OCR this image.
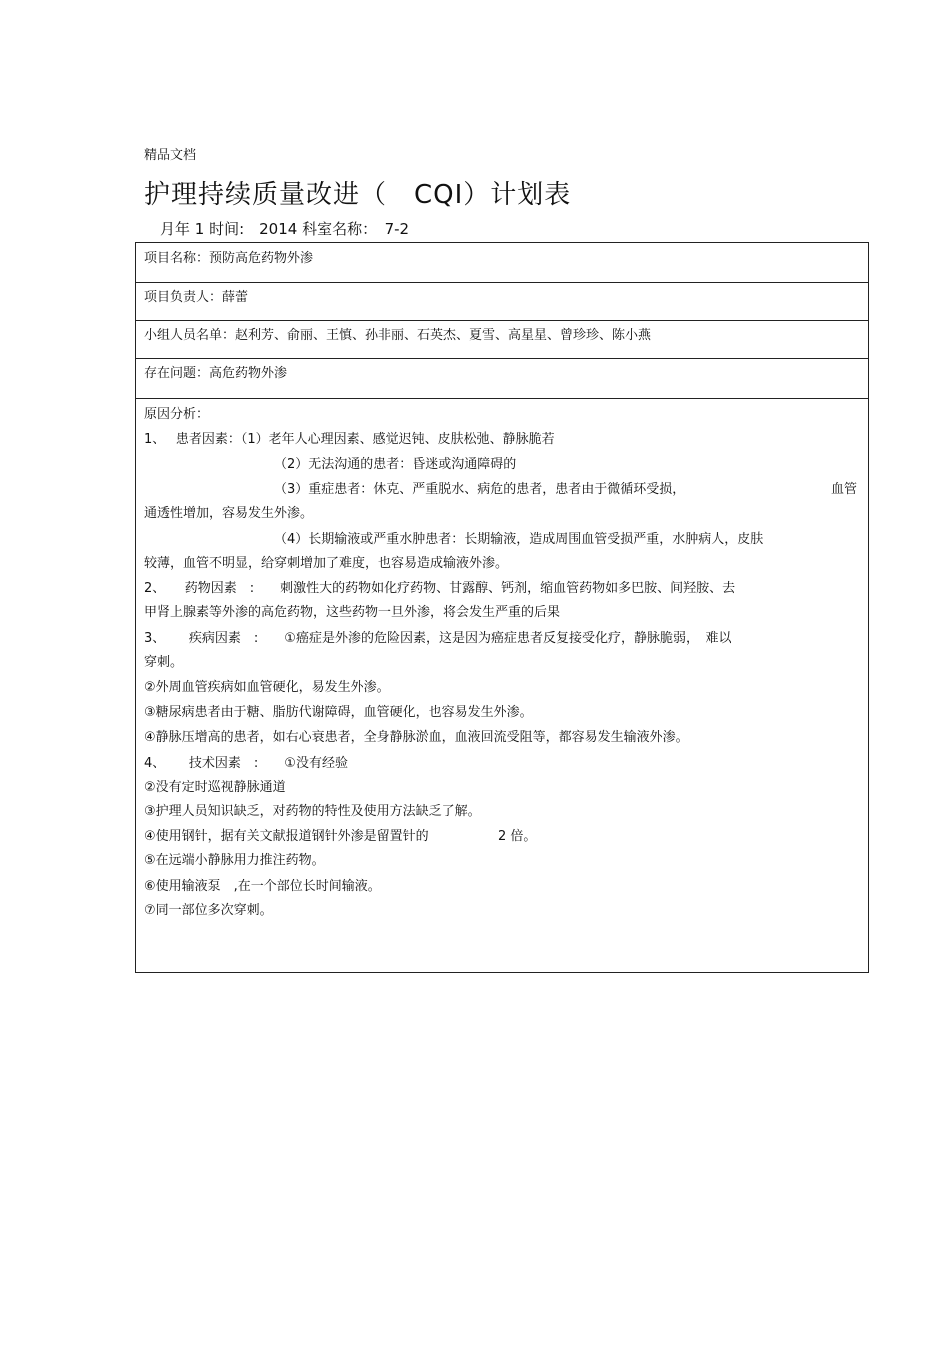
精品文档
护理持续质量改进（　CQI）计划表
月年 1 时间:　2014 科室名称：　7-2
项目名称：预防高危药物外渗
项目负责人：薛蕾
小组人员名单：赵利芳、俞丽、王慎、孙非丽、石英杰、夏雪、高星星、曾珍珍、陈小燕
存在问题：高危药物外渗
原因分析：
1、　 患者因素：（1）老年人心理因素、感觉迟钝、皮肤松弛、静脉脆若
（2）无法沟通的患者：昏迷或沟通障碍的
（3）重症患者：休克、严重脱水、病危的患者，患者由于微循环受损，	血管
通透性增加，容易发生外渗。
（4）长期输液或严重水肿患者：长期输液，造成周围血管受损严重，水肿病人，皮肤
较薄，血管不明显，给穿刺增加了难度，也容易造成输液外渗。
2、　　药物因素　:　　刺激性大的药物如化疗药物、甘露醇、钙剂，缩血管药物如多巴胺、间羟胺、去
甲肾上腺素等外渗的高危药物，这些药物一旦外渗，将会发生严重的后果
3、　　 疾病因素　:　　①癌症是外渗的危险因素，这是因为癌症患者反复接受化疗，静脉脆弱，　难以
穿刺。
②外周血管疾病如血管硬化，易发生外渗。
③糖尿病患者由于糖、脂肪代谢障碍，血管硬化，也容易发生外渗。
④静脉压增高的患者，如右心衰患者，全身静脉淤血，血液回流受阻等，都容易发生输液外渗。
4、　　 技术因素　:　　①没有经验
②没有定时巡视静脉通道
③护理人员知识缺乏，对药物的特性及使用方法缺乏了解。
④使用钢针，据有关文献报道钢针外渗是留置针的	2 倍。
⑤在远端小静脉用力推注药物。
⑥使用输液泵　,在一个部位长时间输液。
⑦同一部位多次穿刺。
